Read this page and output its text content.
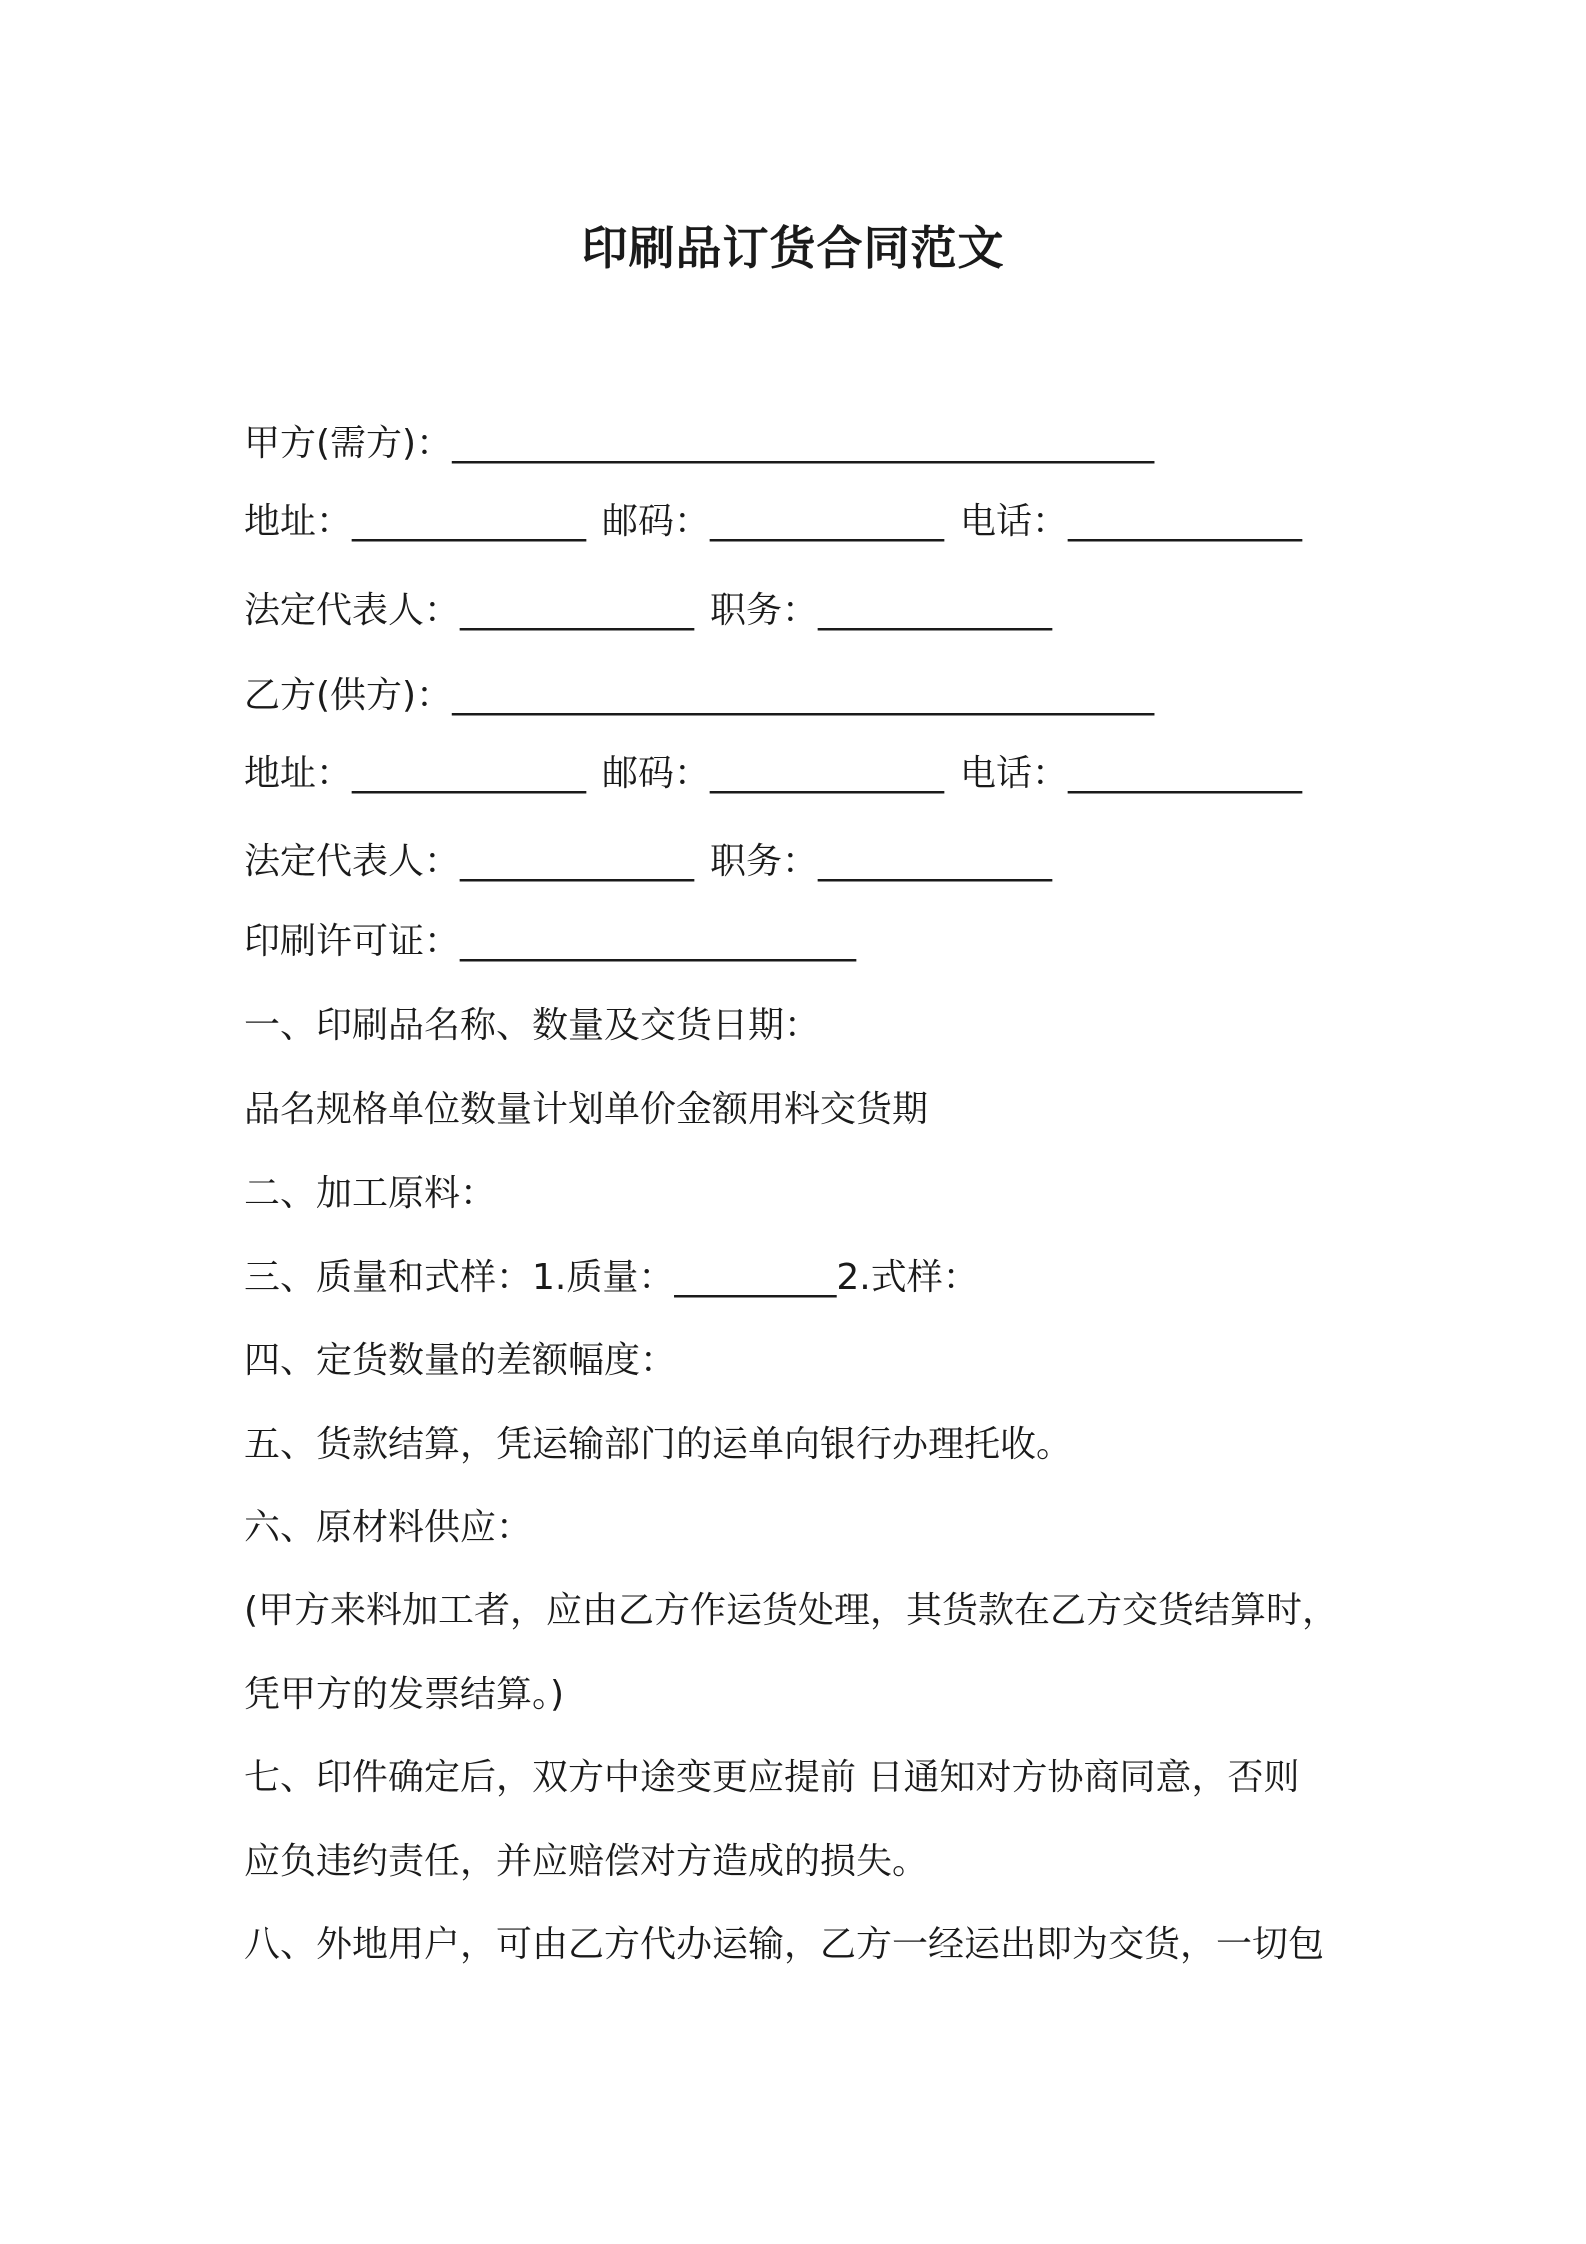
印刷品订货合同范文

甲方(需方)：_______________________________________

地址：_____________ 邮码：_____________ 电话：_____________

法定代表人：_____________ 职务：_____________

乙方(供方)：_______________________________________

地址：_____________ 邮码：_____________ 电话：_____________

法定代表人：_____________ 职务：_____________

印刷许可证：______________________

一、印刷品名称、数量及交货日期：

品名规格单位数量计划单价金额用料交货期

二、加工原料：

三、质量和式样：1.质量：_________2.式样：

四、定货数量的差额幅度：

五、货款结算，凭运输部门的运单向银行办理托收。

六、原材料供应：

(甲方来料加工者，应由乙方作运货处理，其货款在乙方交货结算时，

凭甲方的发票结算。)

七、印件确定后，双方中途变更应提前 日通知对方协商同意，否则

应负违约责任，并应赔偿对方造成的损失。

八、外地用户，可由乙方代办运输，乙方一经运出即为交货，一切包
